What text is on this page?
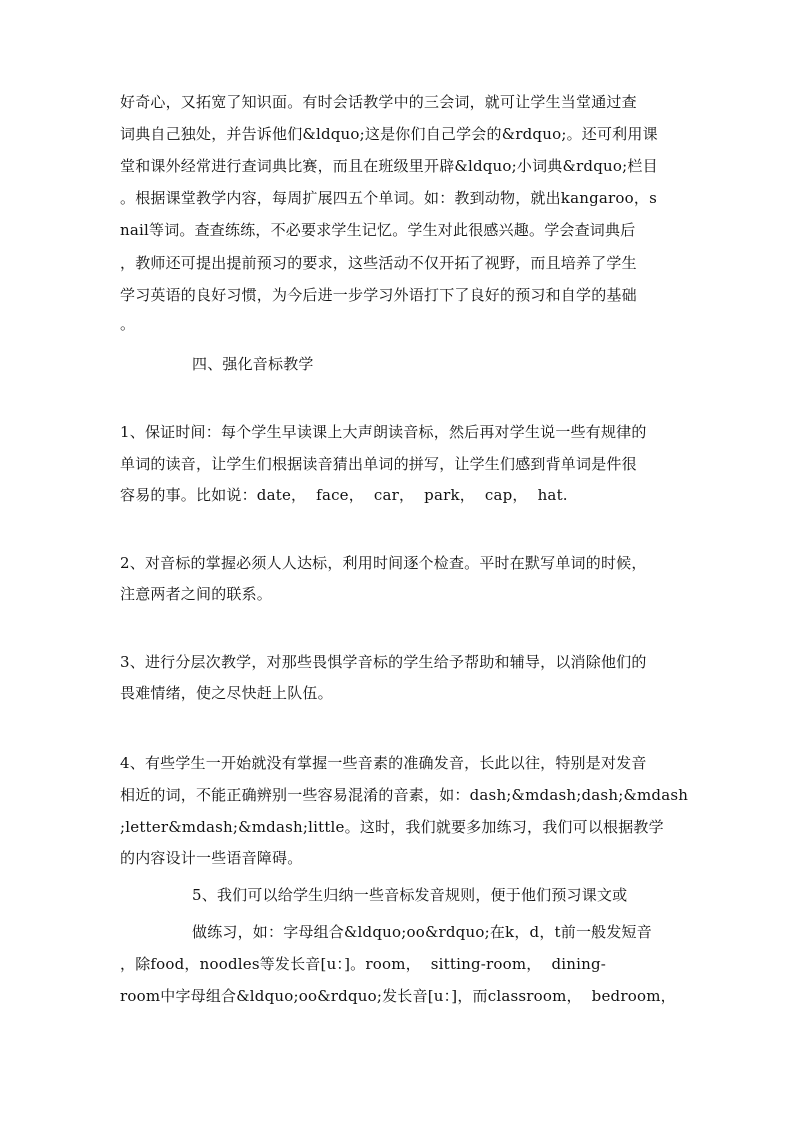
好奇心，又拓宽了知识面。有时会话教学中的三会词，就可让学生当堂通过查
词典自己独处，并告诉他们&ldquo;这是你们自己学会的&rdquo;。还可利用课
堂和课外经常进行查词典比赛，而且在班级里开辟&ldquo;小词典&rdquo;栏目
。根据课堂教学内容，每周扩展四五个单词。如：教到动物，就出kangaroo，s
nail等词。查查练练，不必要求学生记忆。学生对此很感兴趣。学会查词典后
，教师还可提出提前预习的要求，这些活动不仅开拓了视野，而且培养了学生
学习英语的良好习惯，为今后进一步学习外语打下了良好的预习和自学的基础
。
四、强化音标教学
1、保证时间：每个学生早读课上大声朗读音标，然后再对学生说一些有规律的
单词的读音，让学生们根据读音猜出单词的拼写，让学生们感到背单词是件很
容易的事。比如说：date，  face，  car，  park，  cap，  hat.
2、对音标的掌握必须人人达标，利用时间逐个检查。平时在默写单词的时候，
注意两者之间的联系。
3、进行分层次教学，对那些畏惧学音标的学生给予帮助和辅导，以消除他们的
畏难情绪，使之尽快赶上队伍。
4、有些学生一开始就没有掌握一些音素的准确发音，长此以往，特别是对发音
相近的词，不能正确辨别一些容易混淆的音素，如：dash;&mdash;dash;&mdash
;letter&mdash;&mdash;little。这时，我们就要多加练习，我们可以根据教学
的内容设计一些语音障碍。
5、我们可以给学生归纳一些音标发音规则，便于他们预习课文或
做练习，如：字母组合&ldquo;oo&rdquo;在k，d，t前一般发短音
，除food，noodles等发长音[u：]。room，  sitting-room，  dining-
room中字母组合&ldquo;oo&rdquo;发长音[u：]，而classroom，  bedroom，
